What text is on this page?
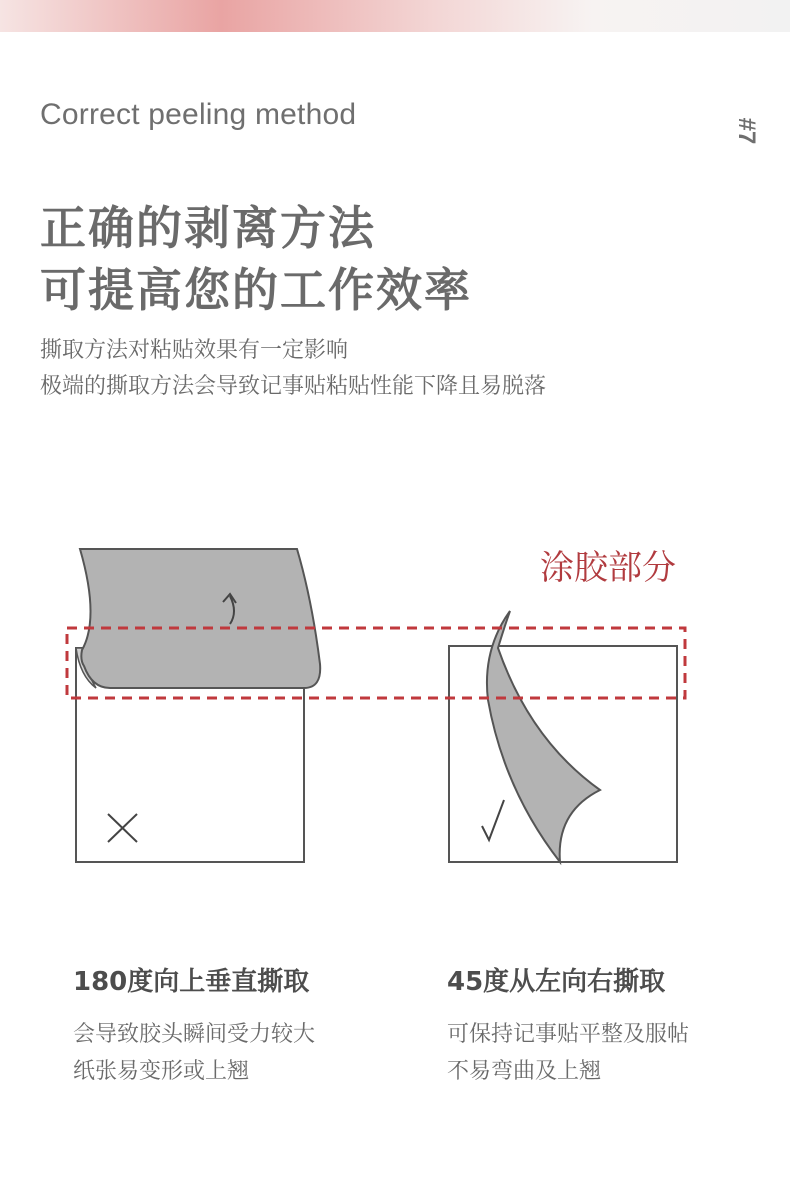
Correct peeling method	#7
正确的剥离方法
可提高您的工作效率
撕取方法对粘贴效果有一定影响
极端的撕取方法会导致记事贴粘贴性能下降且易脱落
涂胶部分
180度向上垂直撕取
会导致胶头瞬间受力较大
纸张易变形或上翘
45度从左向右撕取
可保持记事贴平整及服帖
不易弯曲及上翘
